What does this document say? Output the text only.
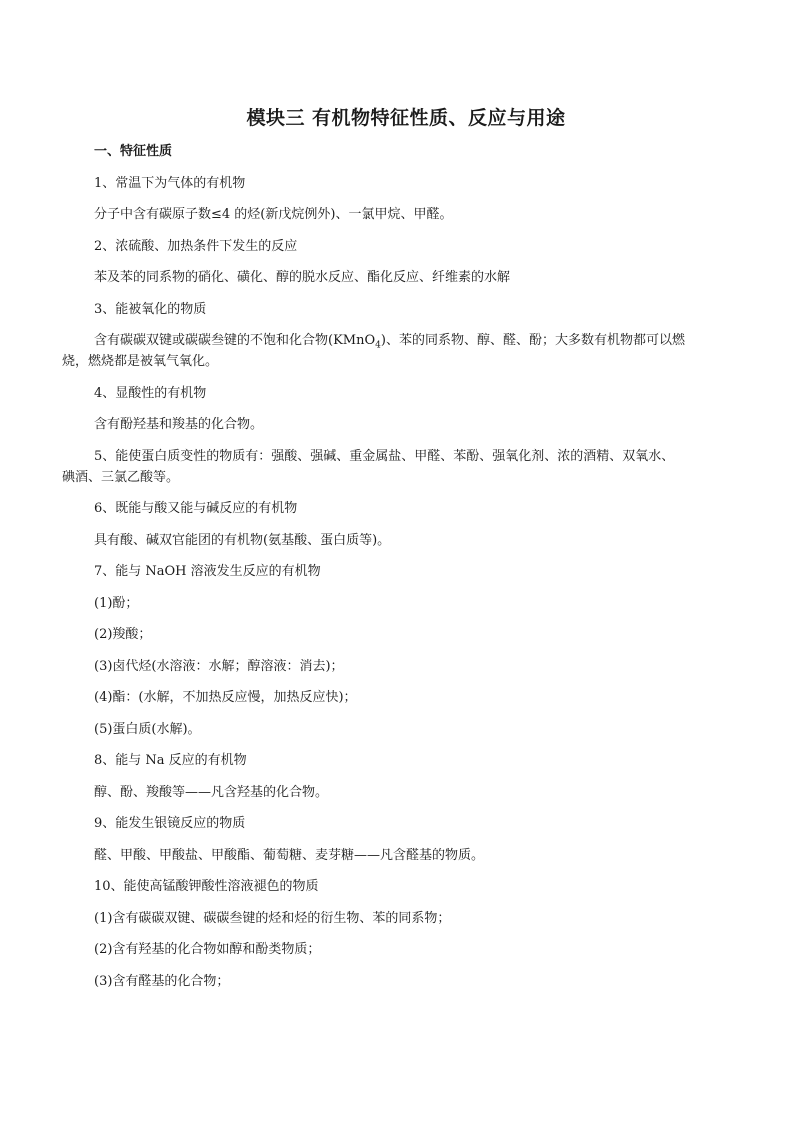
模块三 有机物特征性质、反应与用途
一、特征性质
1、常温下为气体的有机物
分子中含有碳原子数≤4 的烃(新戊烷例外)、一氯甲烷、甲醛。
2、浓硫酸、加热条件下发生的反应
苯及苯的同系物的硝化、磺化、醇的脱水反应、酯化反应、纤维素的水解
3、能被氧化的物质
含有碳碳双键或碳碳叁键的不饱和化合物(KMnO$_4$)、苯的同系物、醇、醛、酚；大多数有机物都可以燃
烧，燃烧都是被氧气氧化。
4、显酸性的有机物
含有酚羟基和羧基的化合物。
5、能使蛋白质变性的物质有：强酸、强碱、重金属盐、甲醛、苯酚、强氧化剂、浓的酒精、双氧水、
碘酒、三氯乙酸等。
6、既能与酸又能与碱反应的有机物
具有酸、碱双官能团的有机物(氨基酸、蛋白质等)。
7、能与 NaOH 溶液发生反应的有机物
(1)酚；
(2)羧酸；
(3)卤代烃(水溶液：水解；醇溶液：消去)；
(4)酯：(水解，不加热反应慢，加热反应快)；
(5)蛋白质(水解)。
8、能与 Na 反应的有机物
醇、酚、羧酸等——凡含羟基的化合物。
9、能发生银镜反应的物质
醛、甲酸、甲酸盐、甲酸酯、葡萄糖、麦芽糖——凡含醛基的物质。
10、能使高锰酸钾酸性溶液褪色的物质
(1)含有碳碳双键、碳碳叁键的烃和烃的衍生物、苯的同系物；
(2)含有羟基的化合物如醇和酚类物质；
(3)含有醛基的化合物；
